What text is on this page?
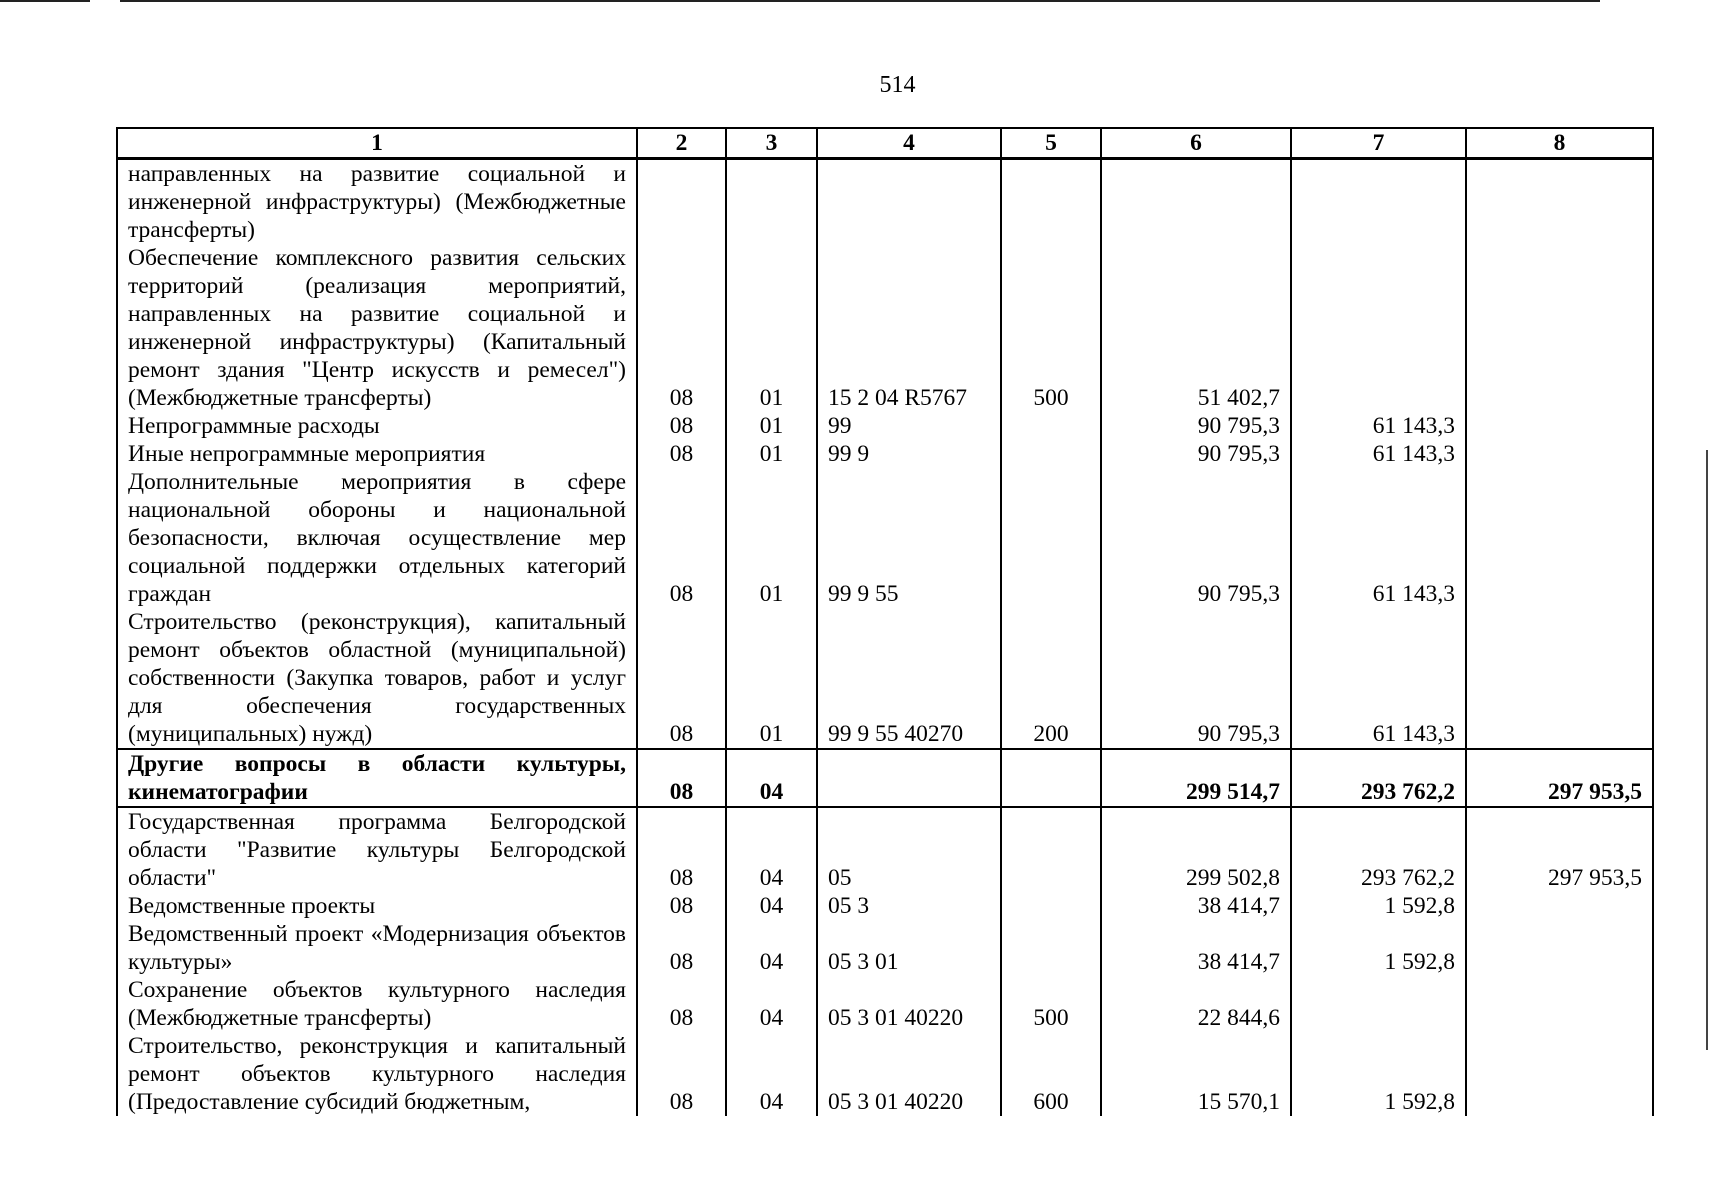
514
1	2	3	4	5	6	7	8
направленных на развитие социальной и инженерной инфраструктуры) (Межбюджетные трансферты)							
Обеспечение комплексного развития сельских территорий (реализация мероприятий, направленных на развитие социальной и инженерной инфраструктуры) (Капитальный ремонт здания "Центр искусств и ремесел") (Межбюджетные трансферты)	08	01	15 2 04 R5767	500	51 402,7		
Непрограммные расходы	08	01	99		90 795,3	61 143,3	
Иные непрограммные мероприятия	08	01	99 9		90 795,3	61 143,3	
Дополнительные мероприятия в сфере национальной обороны и национальной безопасности, включая осуществление мер социальной поддержки отдельных категорий граждан	08	01	99 9 55		90 795,3	61 143,3	
Строительство (реконструкция), капитальный ремонт объектов областной (муниципальной) собственности (Закупка товаров, работ и услуг для обеспечения государственных (муниципальных) нужд)	08	01	99 9 55 40270	200	90 795,3	61 143,3	
Другие вопросы в области культуры, кинематографии	08	04			299 514,7	293 762,2	297 953,5
Государственная программа Белгородской области "Развитие культуры Белгородской области"	08	04	05		299 502,8	293 762,2	297 953,5
Ведомственные проекты	08	04	05 3		38 414,7	1 592,8	
Ведомственный проект «Модернизация объектов культуры»	08	04	05 3 01		38 414,7	1 592,8	
Сохранение объектов культурного наследия (Межбюджетные трансферты)	08	04	05 3 01 40220	500	22 844,6		
Строительство, реконструкция и капитальный ремонт объектов культурного наследия (Предоставление субсидий бюджетным,	08	04	05 3 01 40220	600	15 570,1	1 592,8	
